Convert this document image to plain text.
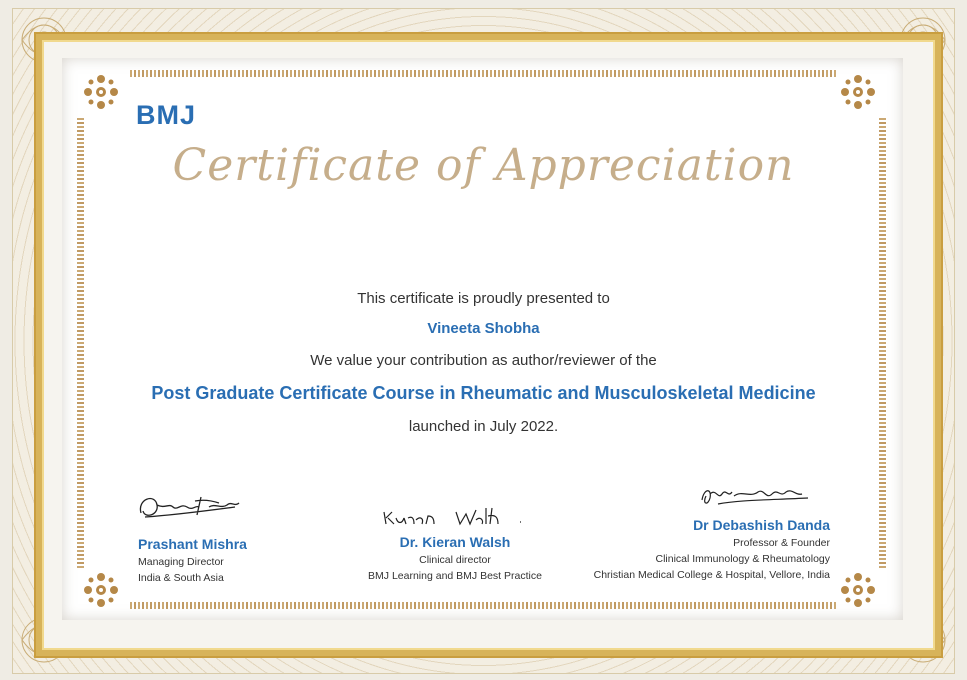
BMJ
Certificate of Appreciation
This certificate is proudly presented to
Vineeta Shobha
We value your contribution as author/reviewer of the
Post Graduate Certificate Course in Rheumatic and Musculoskeletal Medicine
launched in July 2022.
Prashant Mishra
Managing Director
India & South Asia
Dr. Kieran Walsh
Clinical director
BMJ Learning and BMJ Best Practice
Dr Debashish Danda
Professor & Founder
Clinical Immunology & Rheumatology
Christian Medical College & Hospital, Vellore, India
